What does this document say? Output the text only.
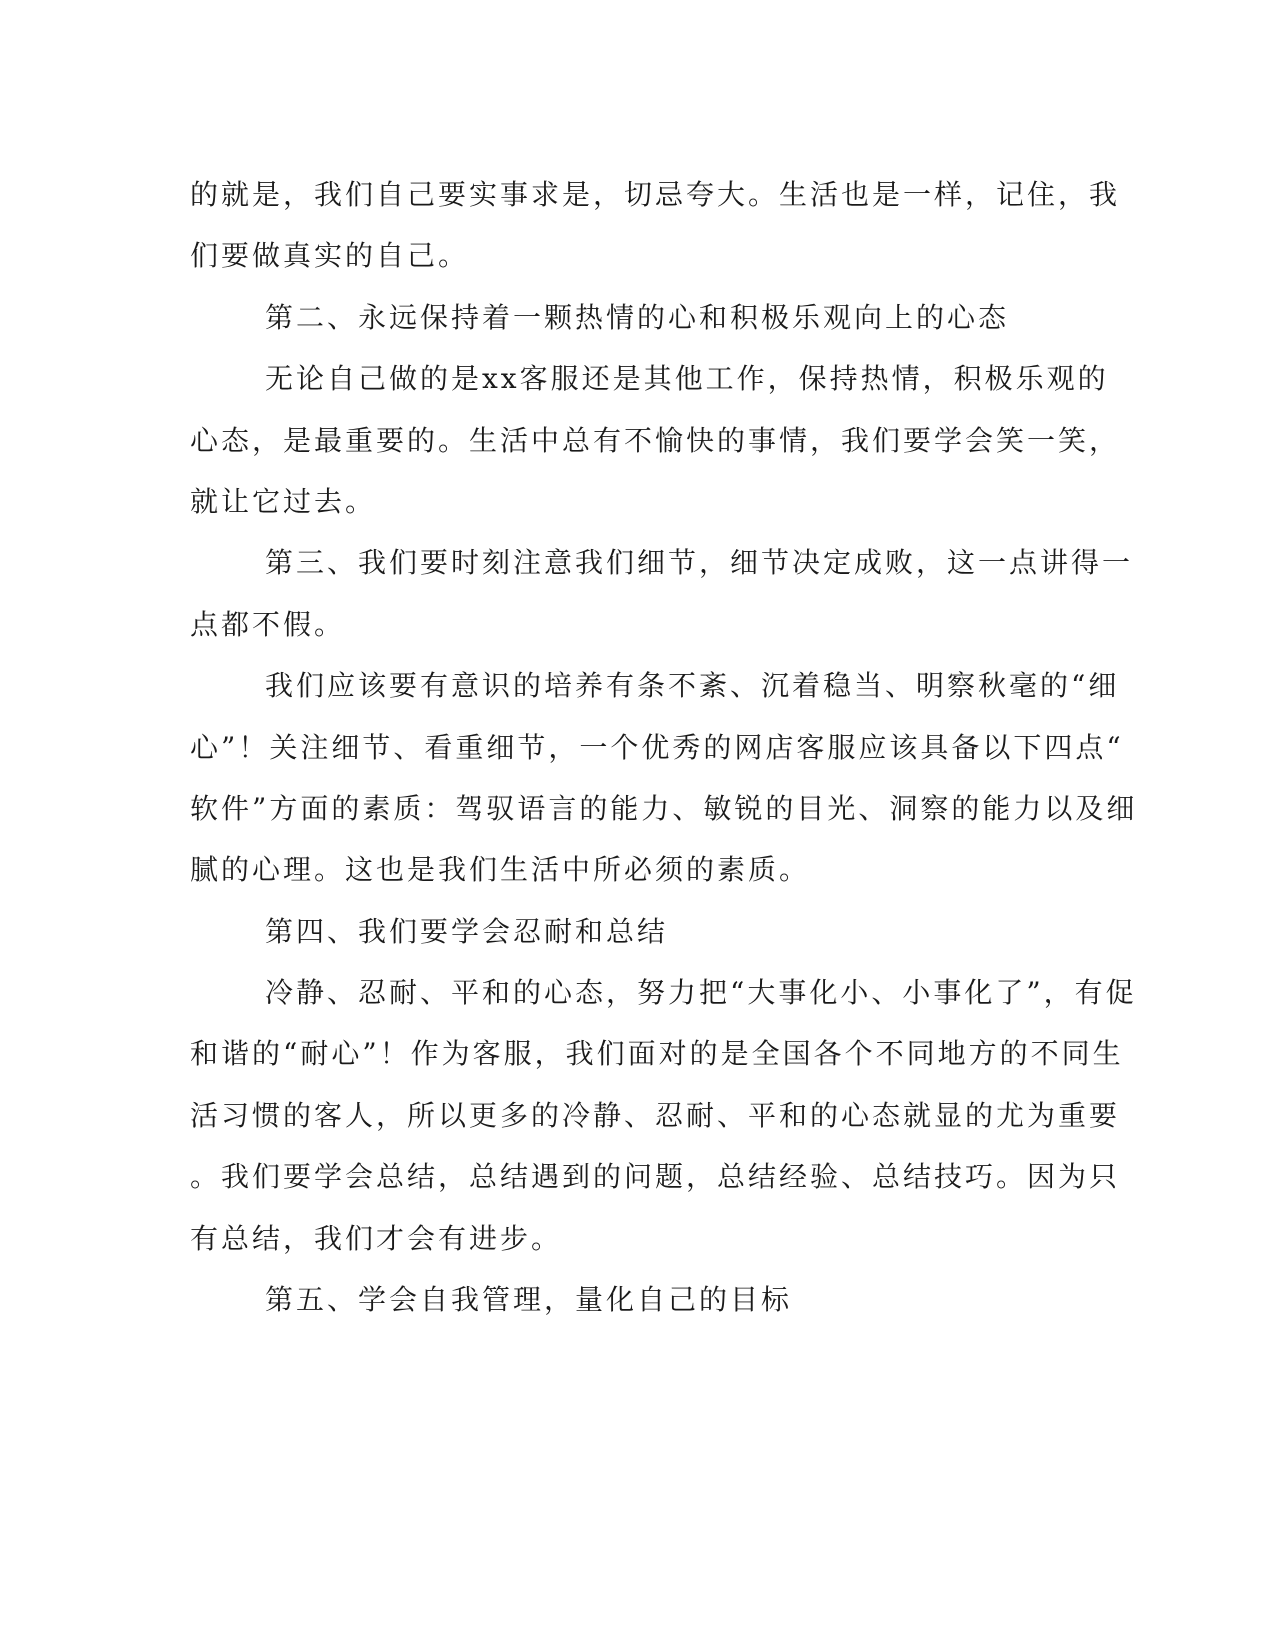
的就是，我们自己要实事求是，切忌夸大。生活也是一样，记住，我
们要做真实的自己。
第二、永远保持着一颗热情的心和积极乐观向上的心态
无论自己做的是xx客服还是其他工作，保持热情，积极乐观的
心态，是最重要的。生活中总有不愉快的事情，我们要学会笑一笑，
就让它过去。
第三、我们要时刻注意我们细节，细节决定成败，这一点讲得一
点都不假。
我们应该要有意识的培养有条不紊、沉着稳当、明察秋毫的“细
心”！关注细节、看重细节，一个优秀的网店客服应该具备以下四点“
软件”方面的素质：驾驭语言的能力、敏锐的目光、洞察的能力以及细
腻的心理。这也是我们生活中所必须的素质。
第四、我们要学会忍耐和总结
冷静、忍耐、平和的心态，努力把“大事化小、小事化了”，有促
和谐的“耐心”！作为客服，我们面对的是全国各个不同地方的不同生
活习惯的客人，所以更多的冷静、忍耐、平和的心态就显的尤为重要
。我们要学会总结，总结遇到的问题，总结经验、总结技巧。因为只
有总结，我们才会有进步。
第五、学会自我管理，量化自己的目标
